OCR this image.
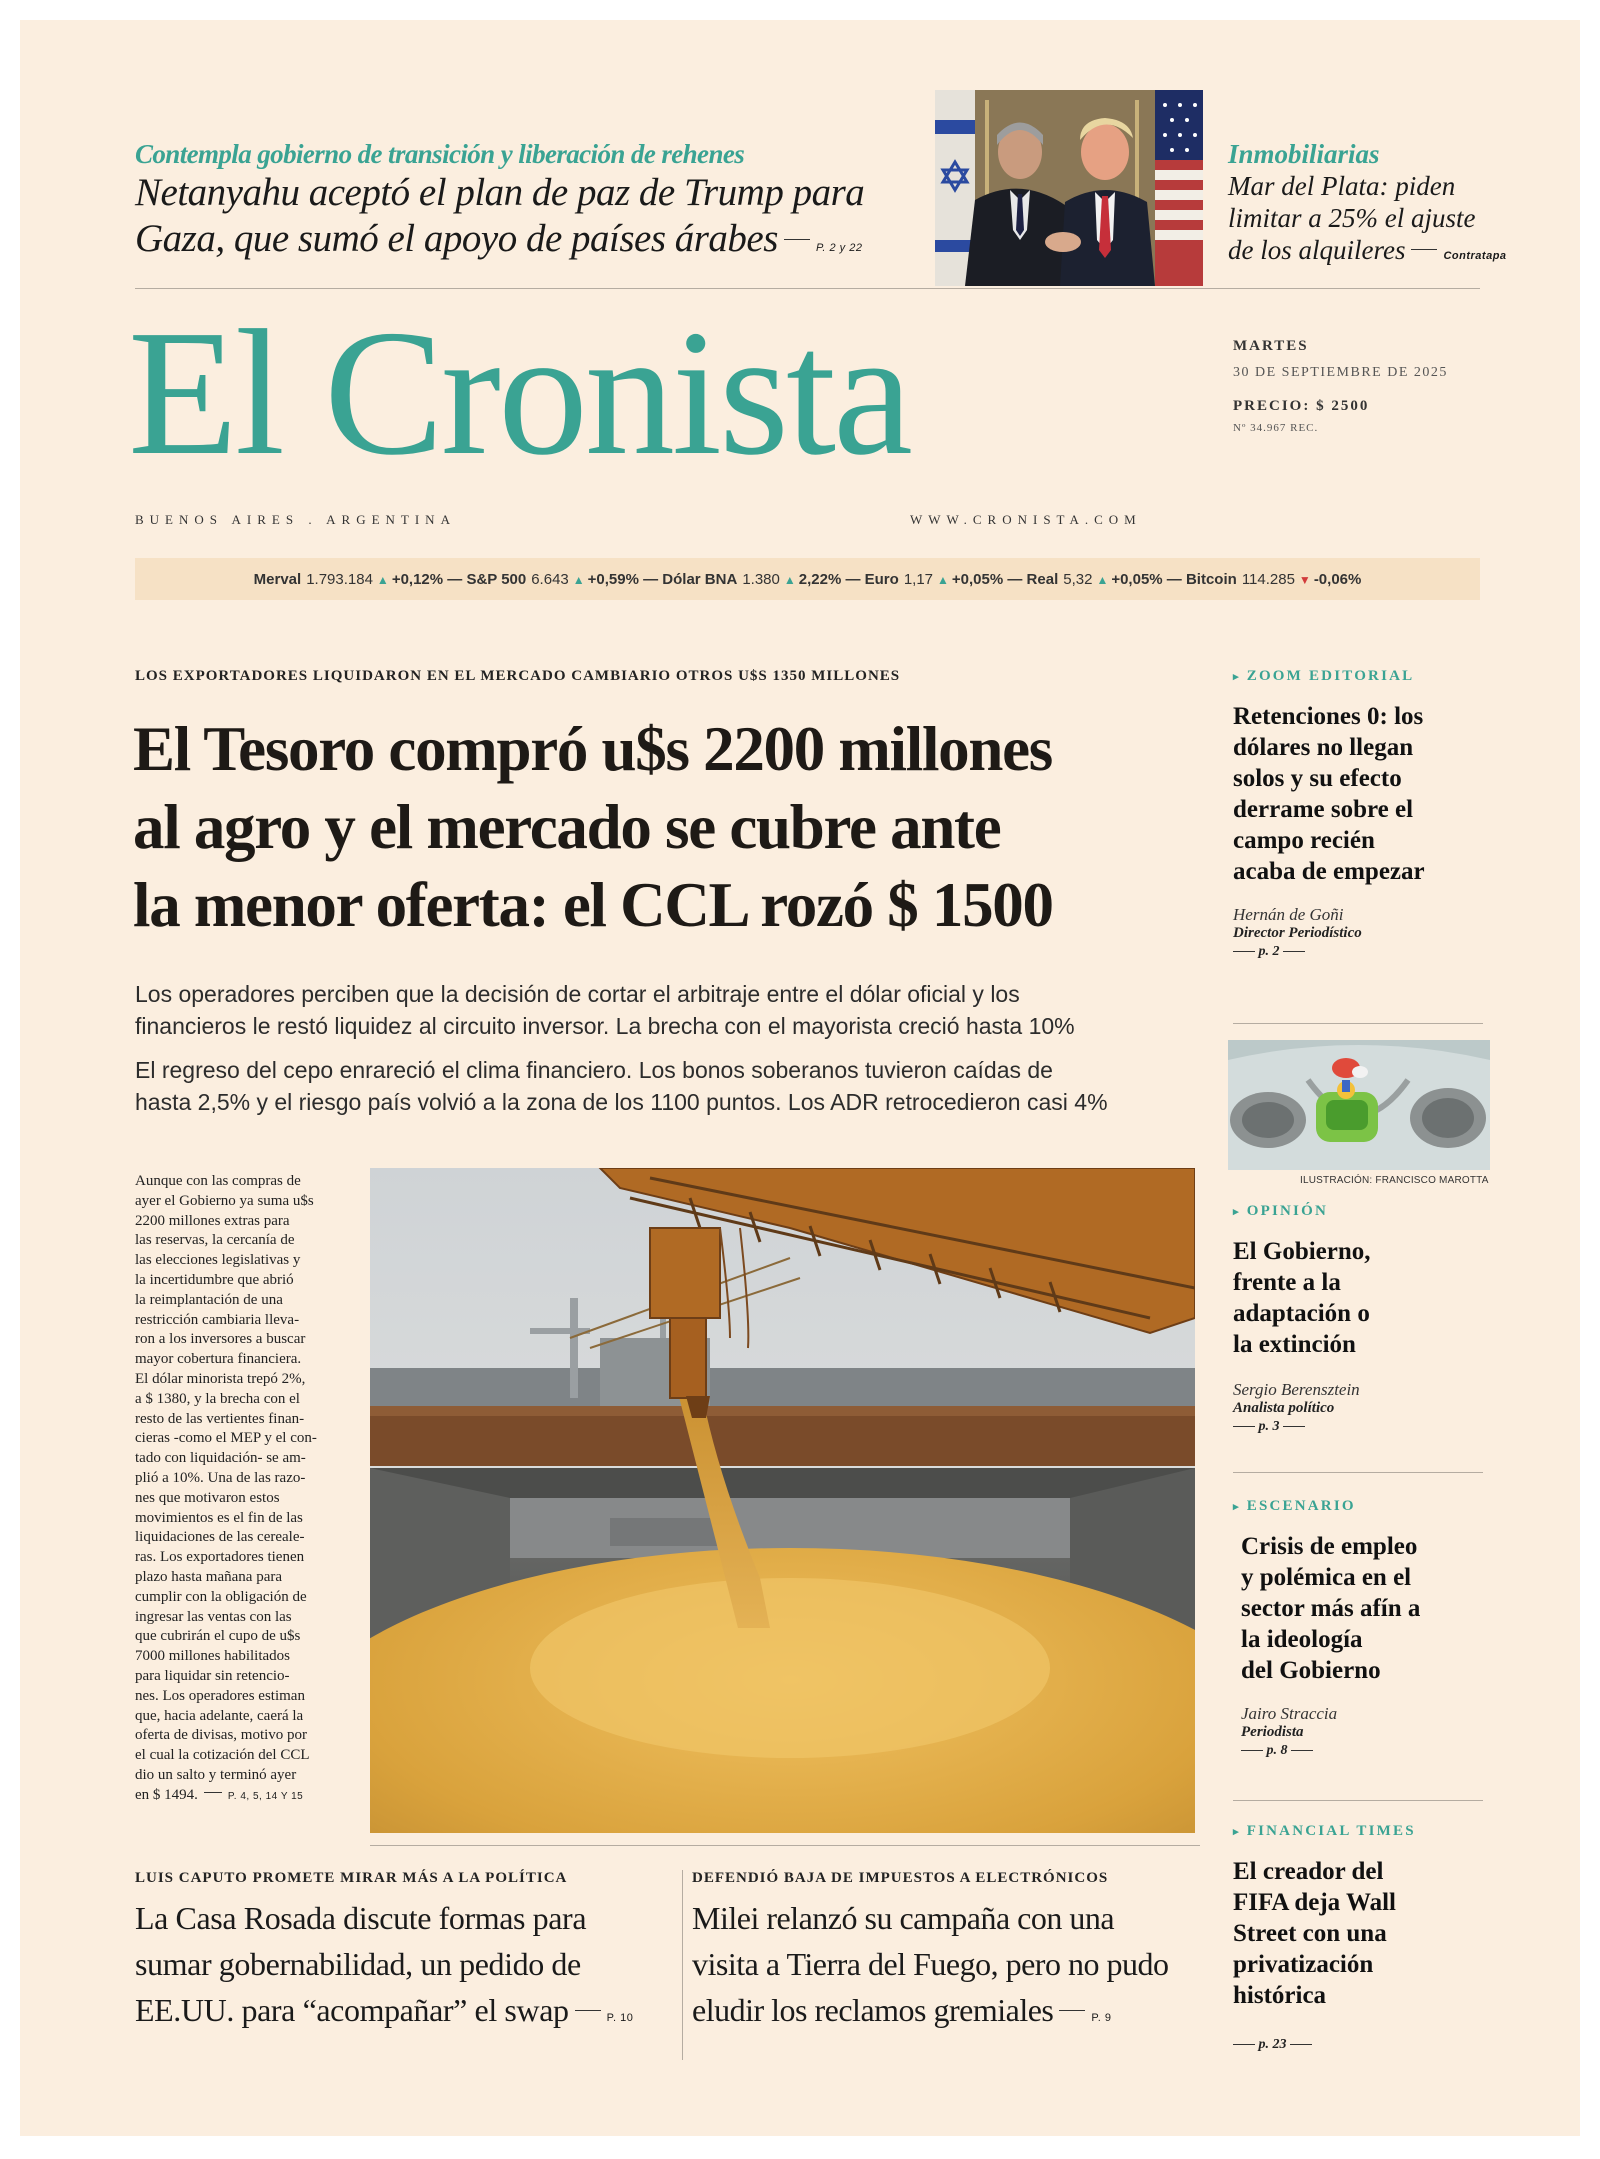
Contempla gobierno de transición y liberación de rehenes
Netanyahu aceptó el plan de paz de Trump para
Gaza, que sumó el apoyo de países árabes	P. 2 y 22
Inmobiliarias
Mar del Plata: piden
limitar a 25% el ajuste
de los alquileres	Contratapa
El Cronista	MARTES
30 DE SEPTIEMBRE DE 2025
PRECIO: $ 2500
Nº 34.967 REC.
BUENOS AIRES . ARGENTINA	WWW.CRONISTA.COM
Merval 1.793.184 ▲ +0,12% — S&P 500 6.643 ▲ +0,59% — Dólar BNA 1.380 ▲ 2,22% — Euro 1,17 ▲ +0,05% — Real 5,32 ▲ +0,05% — Bitcoin 114.285 ▼ -0,06%
LOS EXPORTADORES LIQUIDARON EN EL MERCADO CAMBIARIO OTROS U$S 1350 MILLONES
El Tesoro compró u$s 2200 millones
al agro y el mercado se cubre ante
la menor oferta: el CCL rozó $ 1500
Los operadores perciben que la decisión de cortar el arbitraje entre el dólar oficial y los
financieros le restó liquidez al circuito inversor. La brecha con el mayorista creció hasta 10%
El regreso del cepo enrareció el clima financiero. Los bonos soberanos tuvieron caídas de
hasta 2,5% y el riesgo país volvió a la zona de los 1100 puntos. Los ADR retrocedieron casi 4%
Aunque con las compras de
ayer el Gobierno ya suma u$s
2200 millones extras para
las reservas, la cercanía de
las elecciones legislativas y
la incertidumbre que abrió
la reimplantación de una
restricción cambiaria lleva-
ron a los inversores a buscar
mayor cobertura financiera.
El dólar minorista trepó 2%,
a $ 1380, y la brecha con el
resto de las vertientes finan-
cieras -como el MEP y el con-
tado con liquidación- se am-
plió a 10%. Una de las razo-
nes que motivaron estos
movimientos es el fin de las
liquidaciones de las cereale-
ras. Los exportadores tienen
plazo hasta mañana para
cumplir con la obligación de
ingresar las ventas con las
que cubrirán el cupo de u$s
7000 millones habilitados
para liquidar sin retencio-
nes. Los operadores estiman
que, hacia adelante, caerá la
oferta de divisas, motivo por
el cual la cotización del CCL
dio un salto y terminó ayer
en $ 1494.	P. 4, 5, 14 Y 15
LUIS CAPUTO PROMETE MIRAR MÁS A LA POLÍTICA
La Casa Rosada discute formas para
sumar gobernabilidad, un pedido de
EE.UU. para “acompañar” el swap	P. 10
DEFENDIÓ BAJA DE IMPUESTOS A ELECTRÓNICOS
Milei relanzó su campaña con una
visita a Tierra del Fuego, pero no pudo
eludir los reclamos gremiales	P. 9
▸ ZOOM EDITORIAL
Retenciones 0: los
dólares no llegan
solos y su efecto
derrame sobre el
campo recién
acaba de empezar
Hernán de Goñi
Director Periodístico
p. 2
ILUSTRACIÓN: FRANCISCO MAROTTA
▸ OPINIÓN
El Gobierno,
frente a la
adaptación o
la extinción
Sergio Berensztein
Analista político
p. 3
▸ ESCENARIO
Crisis de empleo
y polémica en el
sector más afín a
la ideología
del Gobierno
Jairo Straccia
Periodista
p. 8
▸ FINANCIAL TIMES
El creador del
FIFA deja Wall
Street con una
privatización
histórica
p. 23
